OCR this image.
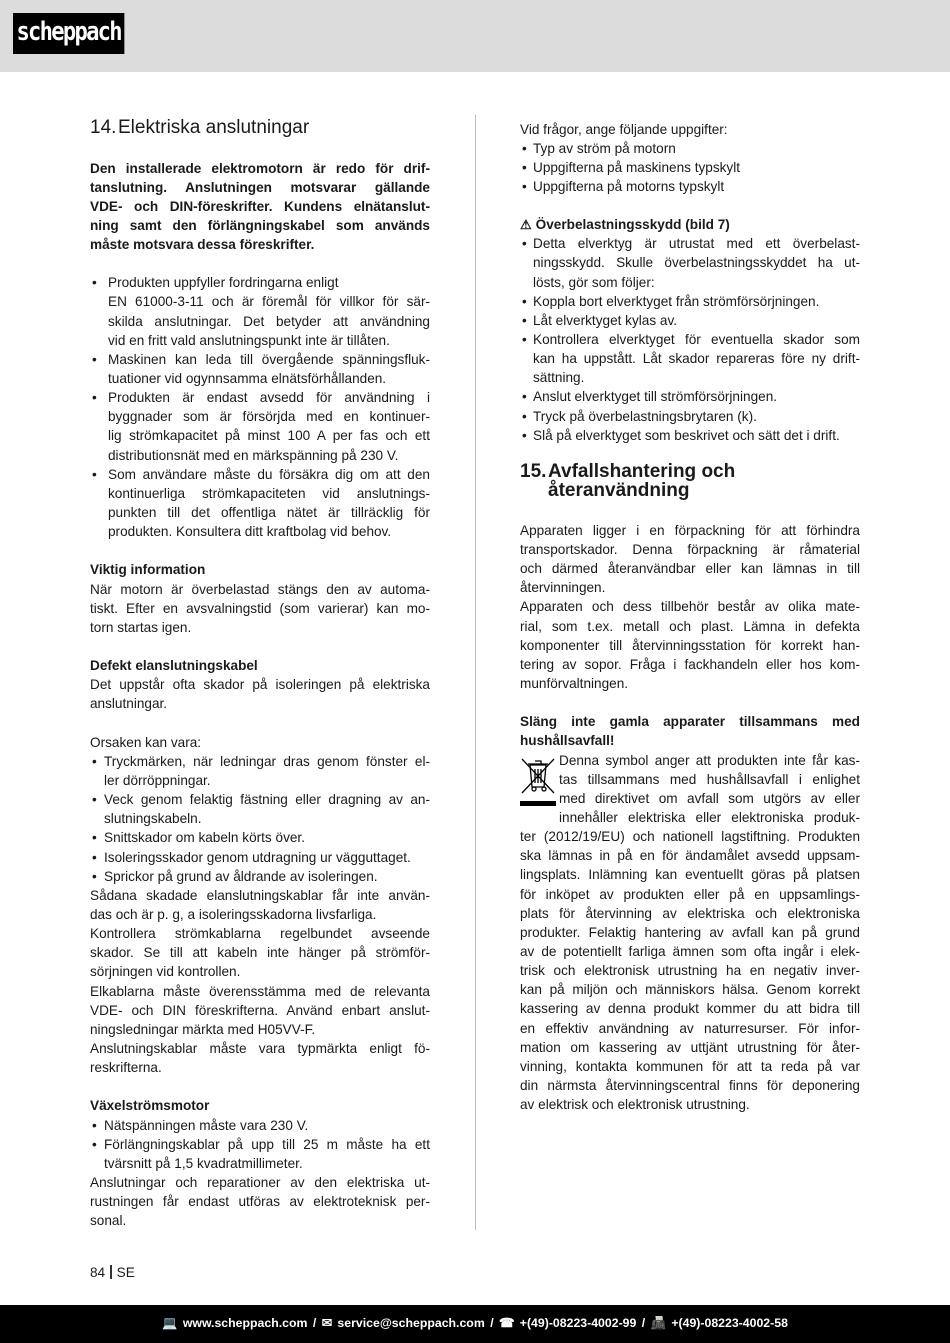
scheppach
14. Elektriska anslutningar
Den installerade elektromotorn är redo för drif-
tanslutning. Anslutningen motsvarar gällande
VDE- och DIN-föreskrifter. Kundens elnätanslut-
ning samt den förlängningskabel som används
måste motsvara dessa föreskrifter.
• Produkten uppfyller fordringarna enligt
EN 61000-3-11 och är föremål för villkor för sär-
skilda anslutningar. Det betyder att användning
vid en fritt vald anslutningspunkt inte är tillåten.
• Maskinen kan leda till övergående spänningsfluk-
tuationer vid ogynnsamma elnätsförhållanden.
• Produkten är endast avsedd för användning i
byggnader som är försörjda med en kontinuer-
lig strömkapacitet på minst 100 A per fas och ett
distributionsnät med en märkspänning på 230 V.
• Som användare måste du försäkra dig om att den
kontinuerliga strömkapaciteten vid anslutnings-
punkten till det offentliga nätet är tillräcklig för
produkten. Konsultera ditt kraftbolag vid behov.
Viktig information
När motorn är överbelastad stängs den av automa-
tiskt. Efter en avsvalningstid (som varierar) kan mo-
torn startas igen.
Defekt elanslutningskabel
Det uppstår ofta skador på isoleringen på elektriska
anslutningar.
Orsaken kan vara:
• Tryckmärken, när ledningar dras genom fönster el-
ler dörröppningar.
• Veck genom felaktig fästning eller dragning av an-
slutningskabeln.
• Snittskador om kabeln körts över.
• Isoleringsskador genom utdragning ur vägguttaget.
• Sprickor på grund av åldrande av isoleringen.
Sådana skadade elanslutningskablar får inte använ-
das och är p. g, a isoleringsskadorna livsfarliga.
Kontrollera strömkablarna regelbundet avseende
skador. Se till att kabeln inte hänger på strömför-
sörjningen vid kontrollen.
Elkablarna måste överensstämma med de relevanta
VDE- och DIN föreskrifterna. Använd enbart anslut-
ningsledningar märkta med H05VV-F.
Anslutningskablar måste vara typmärkta enligt fö-
reskrifterna.
Växelströmsmotor
• Nätspänningen måste vara 230 V.
• Förlängningskablar på upp till 25 m måste ha ett
tvärsnitt på 1,5 kvadratmillimeter.
Anslutningar och reparationer av den elektriska ut-
rustningen får endast utföras av elektroteknisk per-
sonal.
Vid frågor, ange följande uppgifter:
• Typ av ström på motorn
• Uppgifterna på maskinens typskylt
• Uppgifterna på motorns typskylt
⚠ Överbelastningsskydd (bild 7)
• Detta elverktyg är utrustat med ett överbelast-
ningsskydd. Skulle överbelastningsskyddet ha ut-
lösts, gör som följer:
• Koppla bort elverktyget från strömförsörjningen.
• Låt elverktyget kylas av.
• Kontrollera elverktyget för eventuella skador som
kan ha uppstått. Låt skador repareras före ny drift-
sättning.
• Anslut elverktyget till strömförsörjningen.
• Tryck på överbelastningsbrytaren (k).
• Slå på elverktyget som beskrivet och sätt det i drift.
15. Avfallshantering och
återanvändning
Apparaten ligger i en förpackning för att förhindra
transportskador. Denna förpackning är råmaterial
och därmed återanvändbar eller kan lämnas in till
återvinningen.
Apparaten och dess tillbehör består av olika mate-
rial, som t.ex. metall och plast. Lämna in defekta
komponenter till återvinningsstation för korrekt han-
tering av sopor. Fråga i fackhandeln eller hos kom-
munförvaltningen.
Släng inte gamla apparater tillsammans med
hushållsavfall!
Denna symbol anger att produkten inte får kas-
tas tillsammans med hushållsavfall i enlighet
med direktivet om avfall som utgörs av eller
innehåller elektriska eller elektroniska produk-
ter (2012/19/EU) och nationell lagstiftning. Produkten
ska lämnas in på en för ändamålet avsedd uppsam-
lingsplats. Inlämning kan eventuellt göras på platsen
för inköpet av produkten eller på en uppsamlings-
plats för återvinning av elektriska och elektroniska
produkter. Felaktig hantering av avfall kan på grund
av de potentiellt farliga ämnen som ofta ingår i elek-
trisk och elektronisk utrustning ha en negativ inver-
kan på miljön och människors hälsa. Genom korrekt
kassering av denna produkt kommer du att bidra till
en effektiv användning av naturresurser. För infor-
mation om kassering av uttjänt utrustning för åter-
vinning, kontakta kommunen för att ta reda på var
din närmsta återvinningscentral finns för deponering
av elektrisk och elektronisk utrustning.
84 SE
💻 www.scheppach.com / ✉ service@scheppach.com / ☎ +(49)-08223-4002-99 / 📠 +(49)-08223-4002-58
